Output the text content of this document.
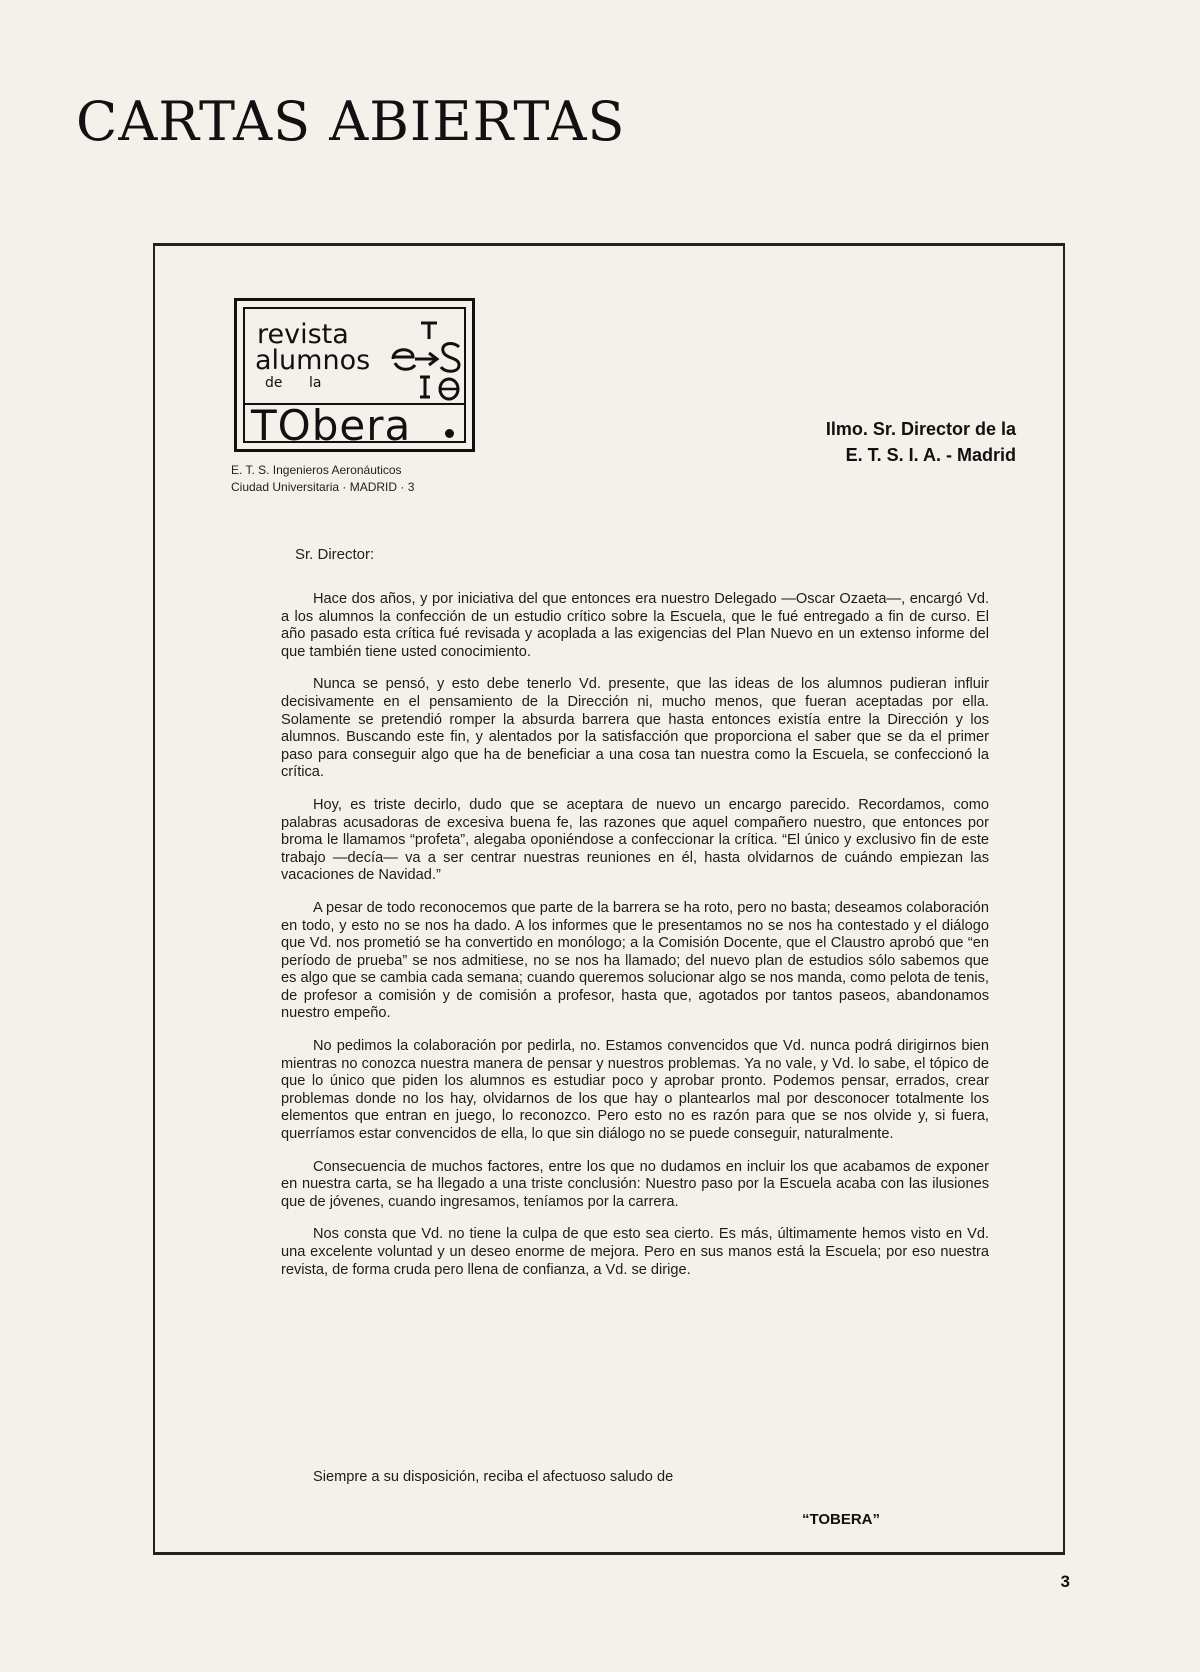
CARTAS ABIERTAS
revista
alumnos
de la
TObera
E. T. S. Ingenieros Aeronáuticos
Ciudad Universitaria · MADRID · 3
Ilmo. Sr. Director de la
E. T. S. I. A. - Madrid
Sr. Director:

Hace dos años, y por iniciativa del que entonces era nuestro Delegado —Oscar Ozaeta—, encargó Vd. a los alumnos la confección de un estudio crítico sobre la Escuela, que le fué entregado a fin de curso. El año pasado esta crítica fué revisada y acoplada a las exigencias del Plan Nuevo en un extenso informe del que también tiene usted conocimiento.

Nunca se pensó, y esto debe tenerlo Vd. presente, que las ideas de los alumnos pudieran influir decisivamente en el pensamiento de la Dirección ni, mucho menos, que fueran aceptadas por ella. Solamente se pretendió romper la absurda barrera que hasta entonces existía entre la Dirección y los alumnos. Buscando este fin, y alentados por la satisfacción que proporciona el saber que se da el primer paso para conseguir algo que ha de beneficiar a una cosa tan nuestra como la Escuela, se confeccionó la crítica.

Hoy, es triste decirlo, dudo que se aceptara de nuevo un encargo parecido. Recordamos, como palabras acusadoras de excesiva buena fe, las razones que aquel compañero nuestro, que entonces por broma le llamamos “profeta”, alegaba oponiéndose a confeccionar la crítica. “El único y exclusivo fin de este trabajo —decía— va a ser centrar nuestras reuniones en él, hasta olvidarnos de cuándo empiezan las vacaciones de Navidad.”

A pesar de todo reconocemos que parte de la barrera se ha roto, pero no basta; deseamos colaboración en todo, y esto no se nos ha dado. A los informes que le presentamos no se nos ha contestado y el diálogo que Vd. nos prometió se ha convertido en monólogo; a la Comisión Docente, que el Claustro aprobó que “en período de prueba” se nos admitiese, no se nos ha llamado; del nuevo plan de estudios sólo sabemos que es algo que se cambia cada semana; cuando queremos solucionar algo se nos manda, como pelota de tenis, de profesor a comisión y de comisión a profesor, hasta que, agotados por tantos paseos, abandonamos nuestro empeño.

No pedimos la colaboración por pedirla, no. Estamos convencidos que Vd. nunca podrá dirigirnos bien mientras no conozca nuestra manera de pensar y nuestros problemas. Ya no vale, y Vd. lo sabe, el tópico de que lo único que piden los alumnos es estudiar poco y aprobar pronto. Podemos pensar, errados, crear problemas donde no los hay, olvidarnos de los que hay o plantearlos mal por desconocer totalmente los elementos que entran en juego, lo reconozco. Pero esto no es razón para que se nos olvide y, si fuera, querríamos estar convencidos de ella, lo que sin diálogo no se puede conseguir, naturalmente.

Consecuencia de muchos factores, entre los que no dudamos en incluir los que acabamos de exponer en nuestra carta, se ha llegado a una triste conclusión: Nuestro paso por la Escuela acaba con las ilusiones que de jóvenes, cuando ingresamos, teníamos por la carrera.

Nos consta que Vd. no tiene la culpa de que esto sea cierto. Es más, últimamente hemos visto en Vd. una excelente voluntad y un deseo enorme de mejora. Pero en sus manos está la Escuela; por eso nuestra revista, de forma cruda pero llena de confianza, a Vd. se dirige.

Siempre a su disposición, reciba el afectuoso saludo de
“TOBERA”
3
